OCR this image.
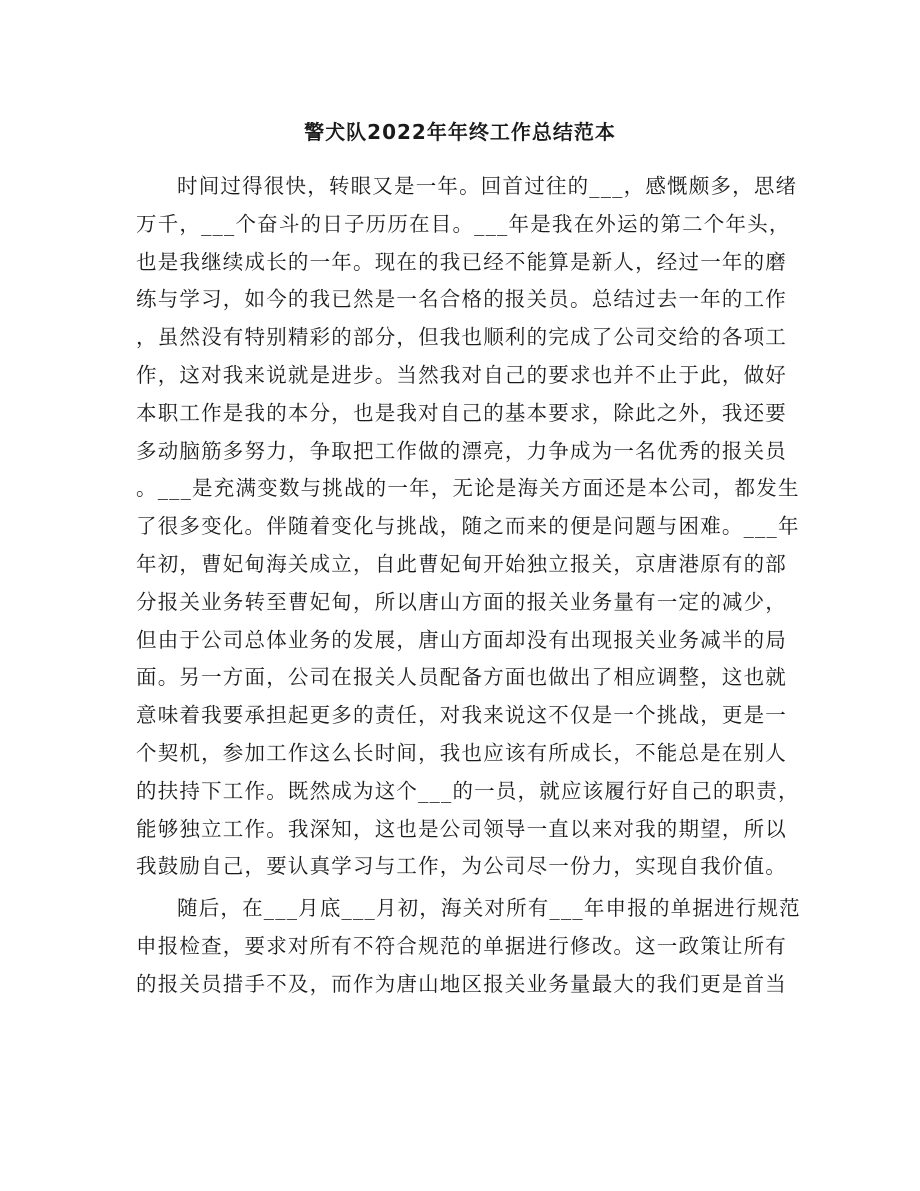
警犬队2022年年终工作总结范本
时间过得很快，转眼又是一年。回首过往的___，感慨颇多，思绪
万千，___个奋斗的日子历历在目。___年是我在外运的第二个年头，
也是我继续成长的一年。现在的我已经不能算是新人，经过一年的磨
练与学习，如今的我已然是一名合格的报关员。总结过去一年的工作
，虽然没有特别精彩的部分，但我也顺利的完成了公司交给的各项工
作，这对我来说就是进步。当然我对自己的要求也并不止于此，做好
本职工作是我的本分，也是我对自己的基本要求，除此之外，我还要
多动脑筋多努力，争取把工作做的漂亮，力争成为一名优秀的报关员
。___是充满变数与挑战的一年，无论是海关方面还是本公司，都发生
了很多变化。伴随着变化与挑战，随之而来的便是问题与困难。___年
年初，曹妃甸海关成立，自此曹妃甸开始独立报关，京唐港原有的部
分报关业务转至曹妃甸，所以唐山方面的报关业务量有一定的减少，
但由于公司总体业务的发展，唐山方面却没有出现报关业务减半的局
面。另一方面，公司在报关人员配备方面也做出了相应调整，这也就
意味着我要承担起更多的责任，对我来说这不仅是一个挑战，更是一
个契机，参加工作这么长时间，我也应该有所成长，不能总是在别人
的扶持下工作。既然成为这个___的一员，就应该履行好自己的职责，
能够独立工作。我深知，这也是公司领导一直以来对我的期望，所以
我鼓励自己，要认真学习与工作，为公司尽一份力，实现自我价值。
随后，在___月底___月初，海关对所有___年申报的单据进行规范
申报检查，要求对所有不符合规范的单据进行修改。这一政策让所有
的报关员措手不及，而作为唐山地区报关业务量最大的我们更是首当
